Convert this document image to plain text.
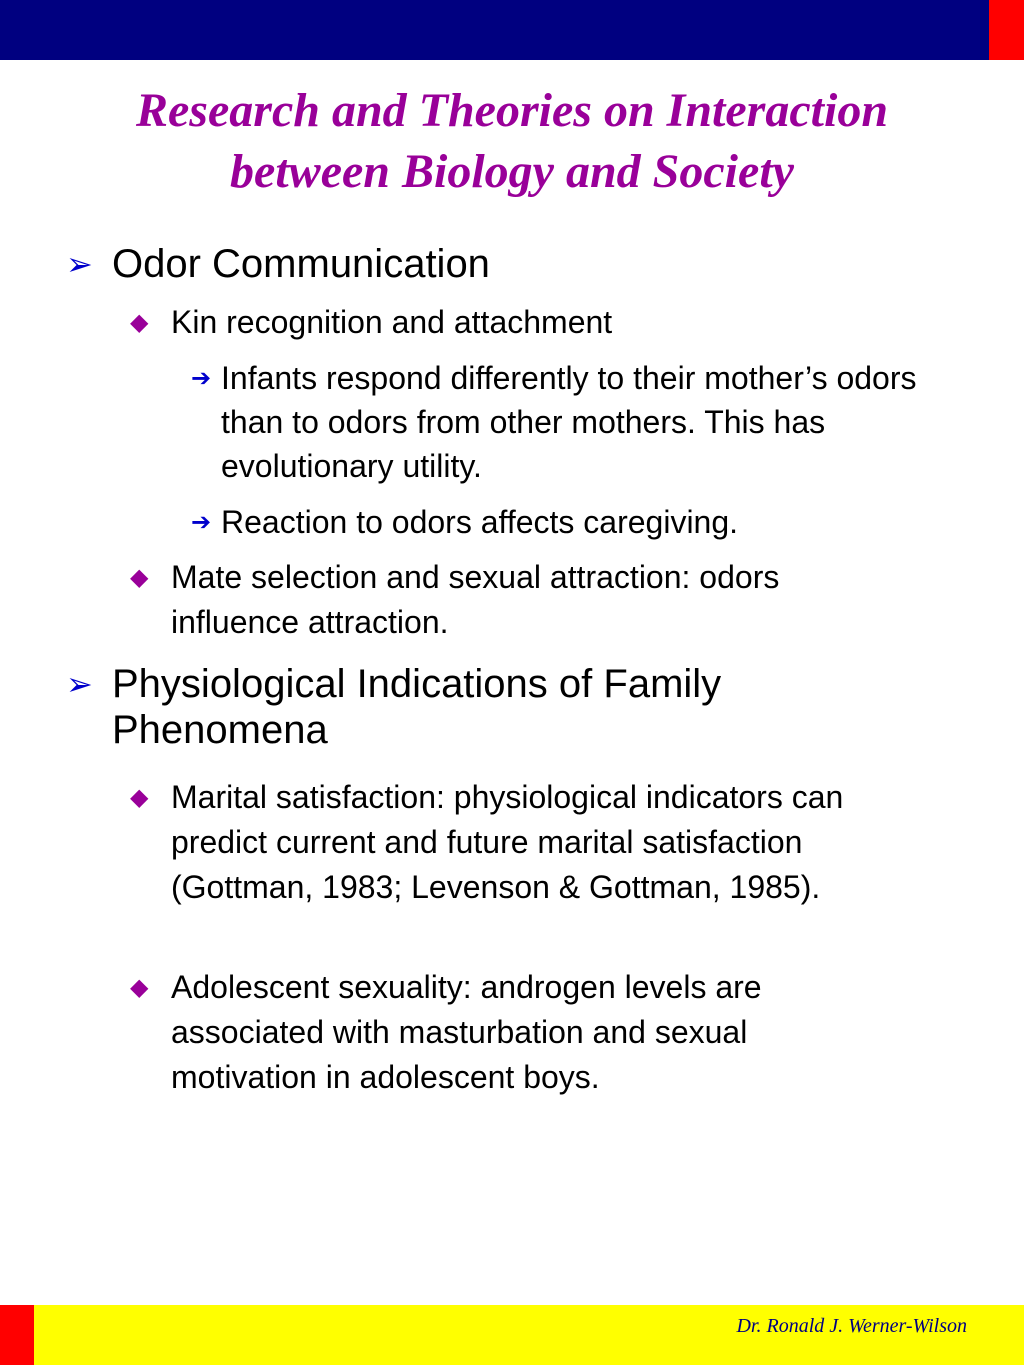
Research and Theories on Interaction between Biology and Society
➢ Odor Communication
◆ Kin recognition and attachment
➔ Infants respond differently to their mother’s odors than to odors from other mothers. This has evolutionary utility.
➔ Reaction to odors affects caregiving.
◆ Mate selection and sexual attraction: odors influence attraction.
➢ Physiological Indications of Family Phenomena
◆ Marital satisfaction: physiological indicators can predict current and future marital satisfaction (Gottman, 1983; Levenson & Gottman, 1985).
◆ Adolescent sexuality: androgen levels are associated with masturbation and sexual motivation in adolescent boys.
Dr. Ronald J. Werner-Wilson
